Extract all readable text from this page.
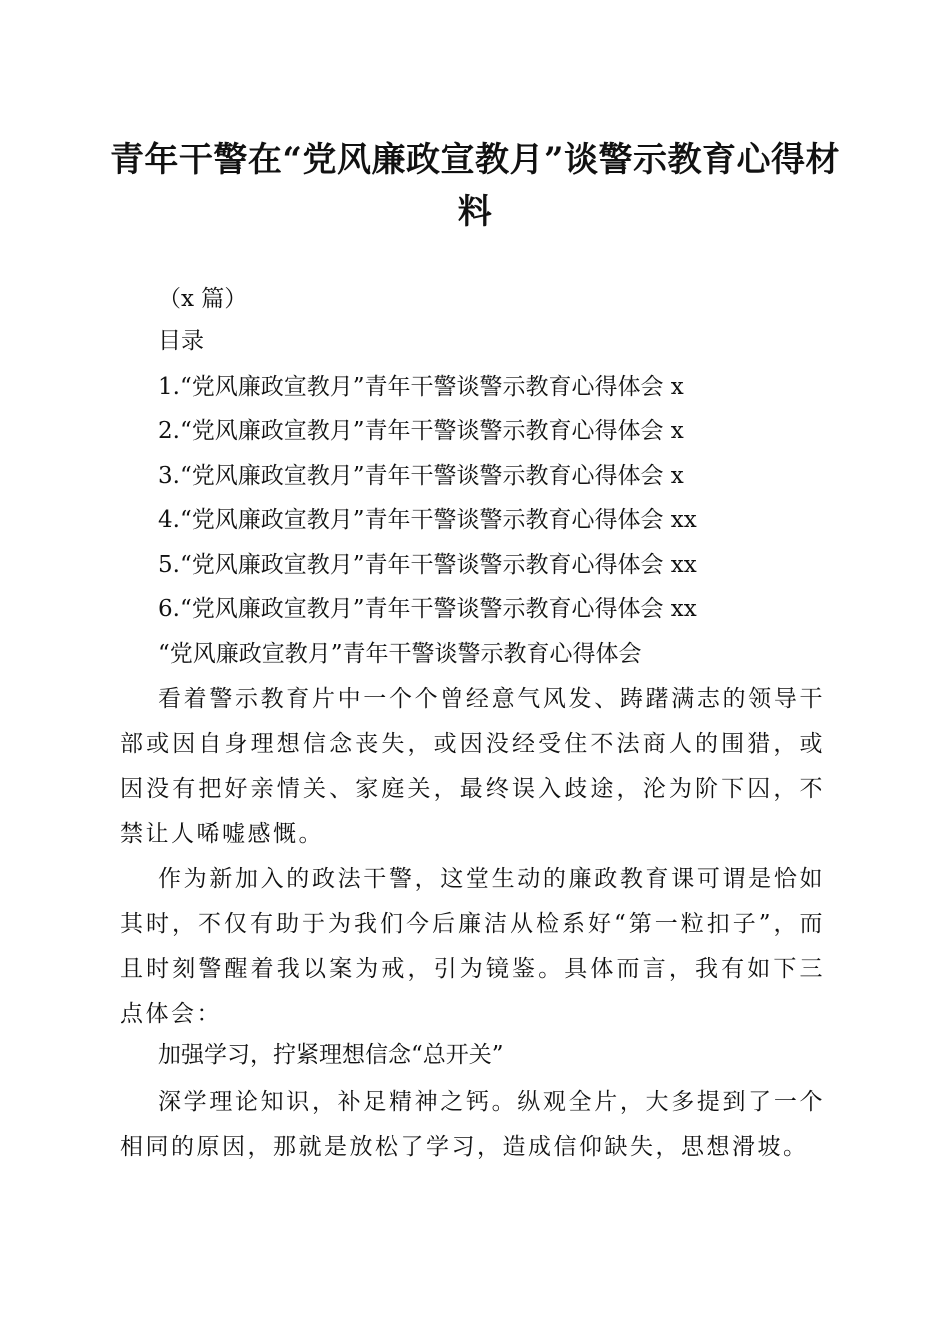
青年干警在“党风廉政宣教月”谈警示教育心得材料
（x 篇）
目录
1.“党风廉政宣教月”青年干警谈警示教育心得体会 x
2.“党风廉政宣教月”青年干警谈警示教育心得体会 x
3.“党风廉政宣教月”青年干警谈警示教育心得体会 x
4.“党风廉政宣教月”青年干警谈警示教育心得体会 xx
5.“党风廉政宣教月”青年干警谈警示教育心得体会 xx
6.“党风廉政宣教月”青年干警谈警示教育心得体会 xx
“党风廉政宣教月”青年干警谈警示教育心得体会
看着警示教育片中一个个曾经意气风发、踌躇满志的领导干部或因自身理想信念丧失，或因没经受住不法商人的围猎，或因没有把好亲情关、家庭关，最终误入歧途，沦为阶下囚，不禁让人唏嘘感慨。
作为新加入的政法干警，这堂生动的廉政教育课可谓是恰如其时，不仅有助于为我们今后廉洁从检系好“第一粒扣子”，而且时刻警醒着我以案为戒，引为镜鉴。具体而言，我有如下三点体会：
加强学习，拧紧理想信念“总开关”
深学理论知识，补足精神之钙。纵观全片，大多提到了一个相同的原因，那就是放松了学习，造成信仰缺失，思想滑坡。
